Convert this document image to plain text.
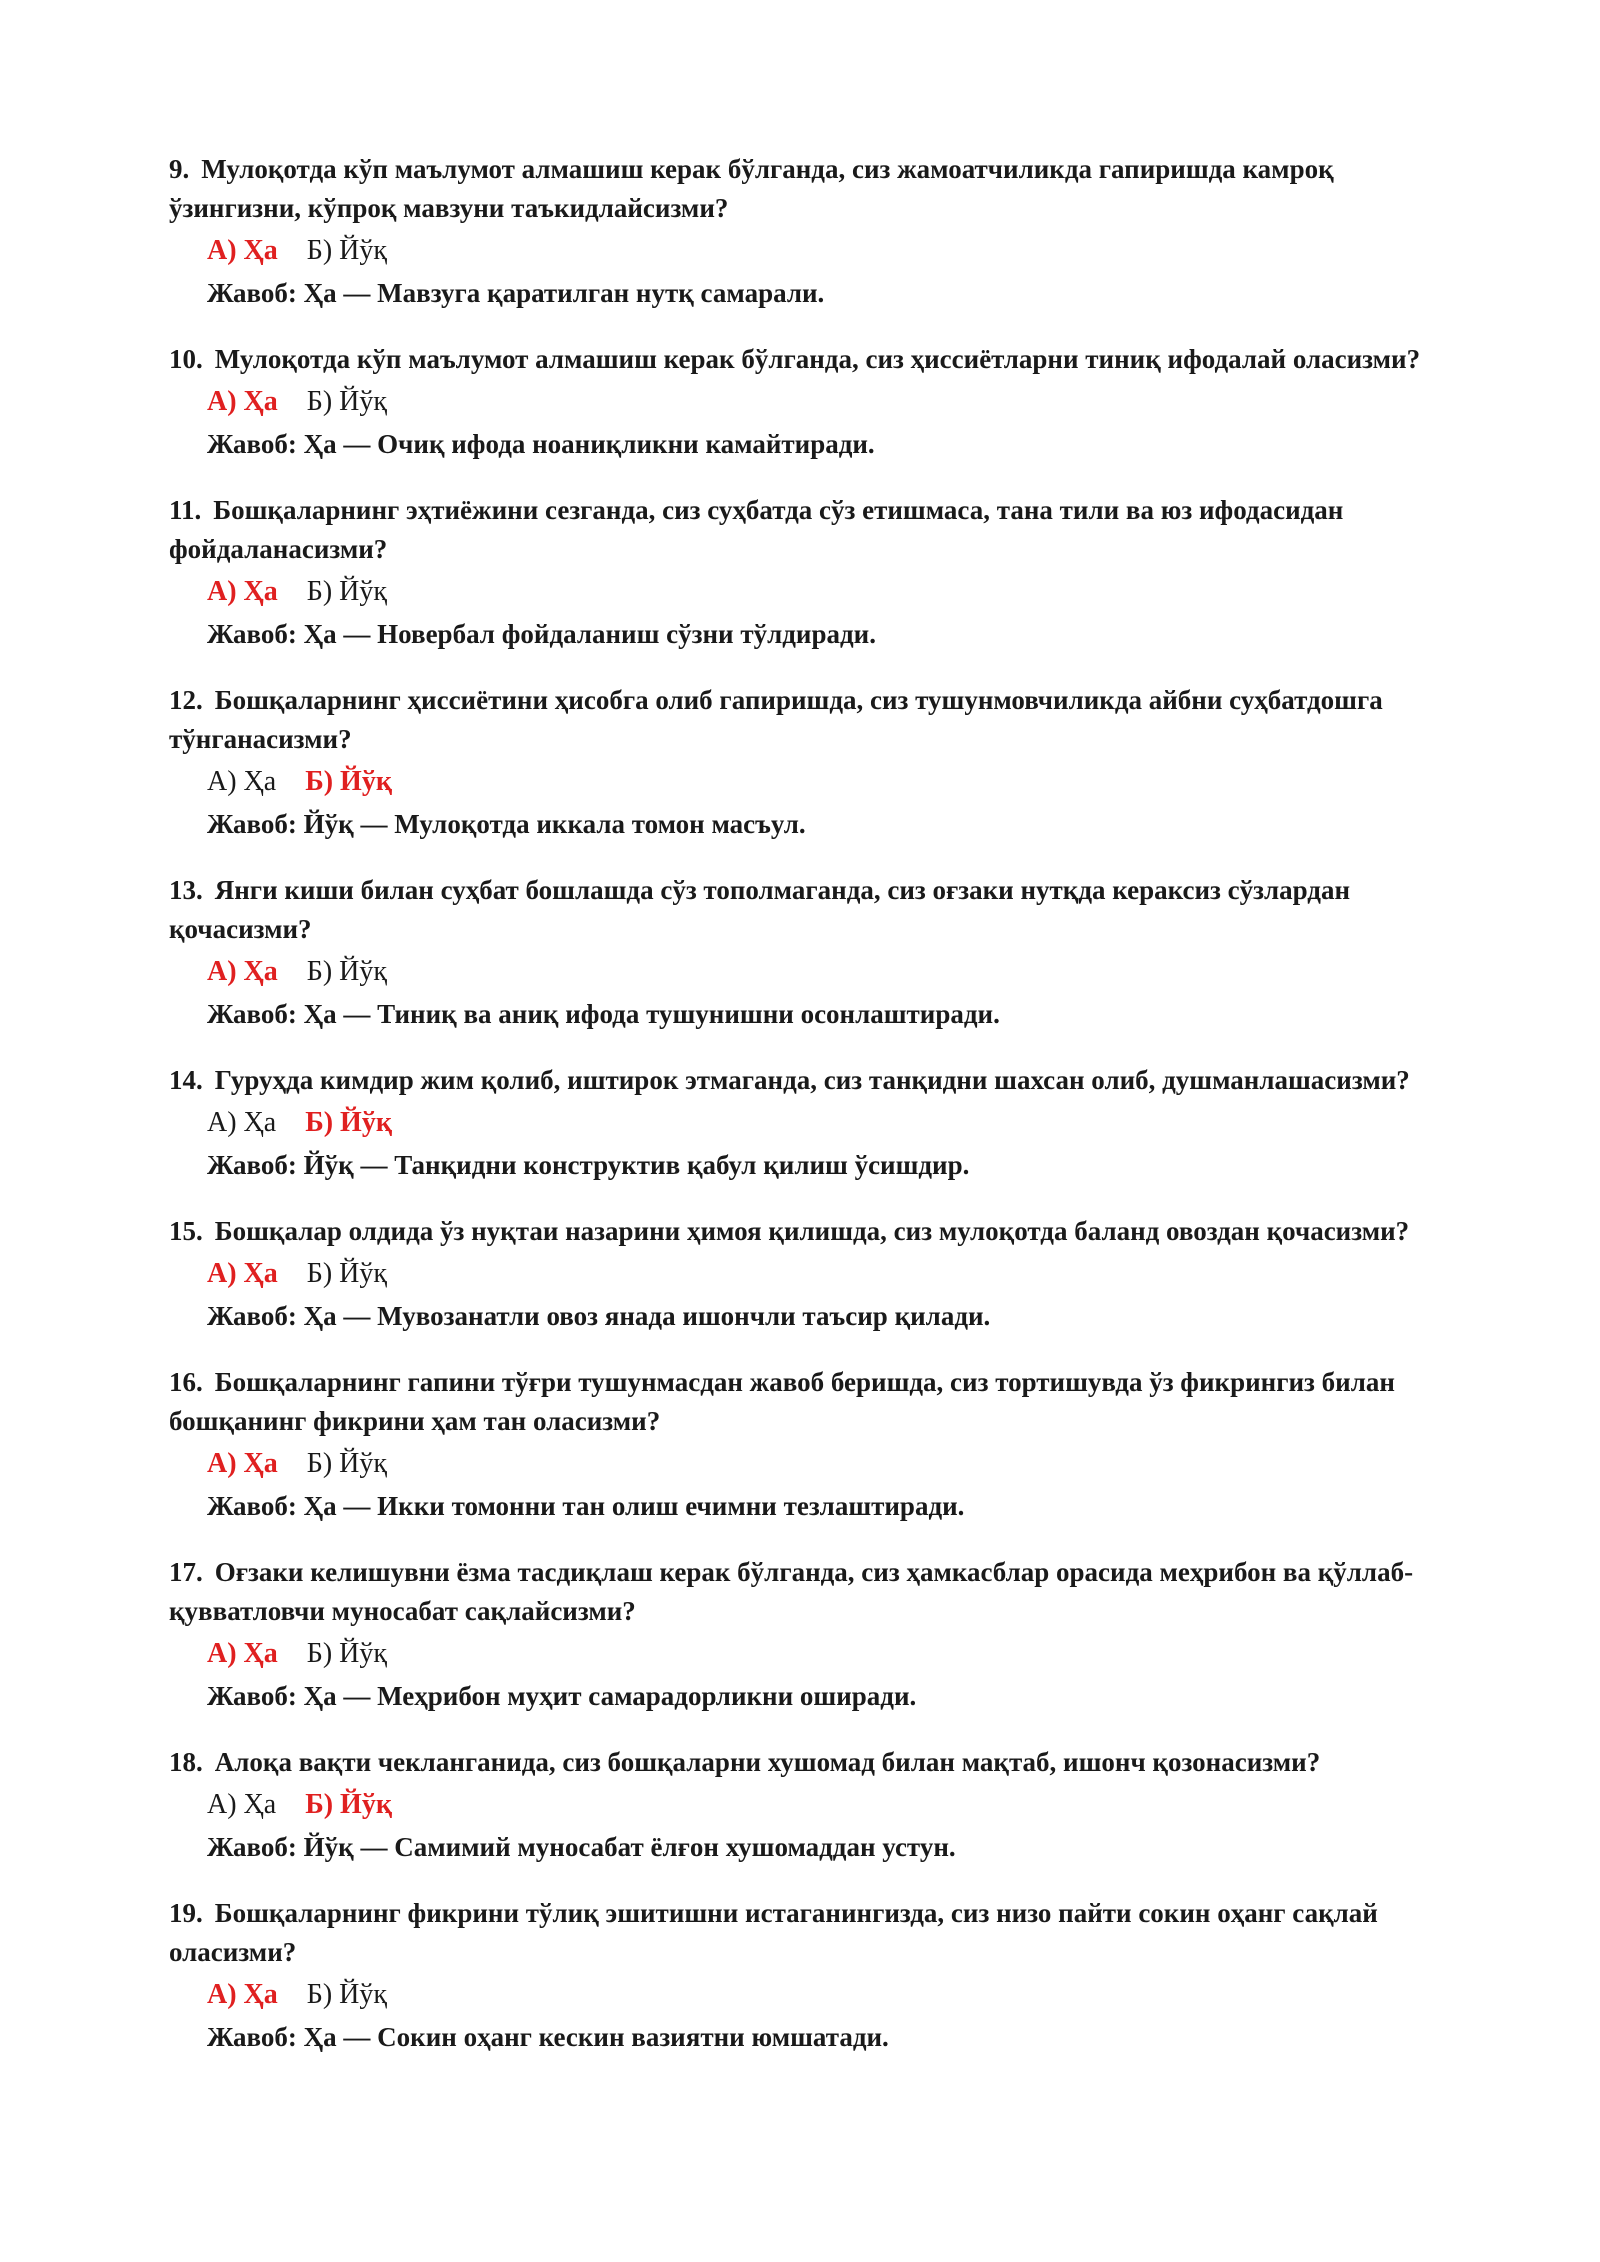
9. Мулоқотда кўп маълумот алмашиш керак бўлганда, сиз жамоатчиликда гапиришда камроқ ўзингизни, кўпроқ мавзуни таъкидлайсизми?

А) Ҳа Б) Йўқ
Жавоб: Ҳа — Мавзуга қаратилган нутқ самарали.

10. Мулоқотда кўп маълумот алмашиш керак бўлганда, сиз ҳиссиётларни тиниқ ифодалай оласизми?

А) Ҳа Б) Йўқ
Жавоб: Ҳа — Очиқ ифода ноаниқликни камайтиради.

11. Бошқаларнинг эҳтиёжини сезганда, сиз суҳбатда сўз етишмаса, тана тили ва юз ифодасидан фойдаланасизми?

А) Ҳа Б) Йўқ
Жавоб: Ҳа — Новербал фойдаланиш сўзни тўлдиради.

12. Бошқаларнинг ҳиссиётини ҳисобга олиб гапиришда, сиз тушунмовчиликда айбни суҳбатдошга тўнганасизми?

А) Ҳа Б) Йўқ
Жавоб: Йўқ — Мулоқотда иккала томон масъул.

13. Янги киши билан суҳбат бошлашда сўз тополмаганда, сиз оғзаки нутқда кераксиз сўзлардан қочасизми?

А) Ҳа Б) Йўқ
Жавоб: Ҳа — Тиниқ ва аниқ ифода тушунишни осонлаштиради.

14. Гуруҳда кимдир жим қолиб, иштирок этмаганда, сиз танқидни шахсан олиб, душманлашасизми?

А) Ҳа Б) Йўқ
Жавоб: Йўқ — Танқидни конструктив қабул қилиш ўсишдир.

15. Бошқалар олдида ўз нуқтаи назарини ҳимоя қилишда, сиз мулоқотда баланд овоздан қочасизми?

А) Ҳа Б) Йўқ
Жавоб: Ҳа — Мувозанатли овоз янада ишончли таъсир қилади.

16. Бошқаларнинг гапини тўғри тушунмасдан жавоб беришда, сиз тортишувда ўз фикрингиз билан бошқанинг фикрини ҳам тан оласизми?

А) Ҳа Б) Йўқ
Жавоб: Ҳа — Икки томонни тан олиш ечимни тезлаштиради.

17. Оғзаки келишувни ёзма тасдиқлаш керак бўлганда, сиз ҳамкасблар орасида меҳрибон ва қўллаб-қувватловчи муносабат сақлайсизми?

А) Ҳа Б) Йўқ
Жавоб: Ҳа — Меҳрибон муҳит самарадорликни оширади.

18. Алоқа вақти чекланганида, сиз бошқаларни хушомад билан мақтаб, ишонч қозонасизми?

А) Ҳа Б) Йўқ
Жавоб: Йўқ — Самимий муносабат ёлғон хушомаддан устун.

19. Бошқаларнинг фикрини тўлиқ эшитишни истаганингизда, сиз низо пайти сокин оҳанг сақлай оласизми?

А) Ҳа Б) Йўқ
Жавоб: Ҳа — Сокин оҳанг кескин вазиятни юмшатади.
